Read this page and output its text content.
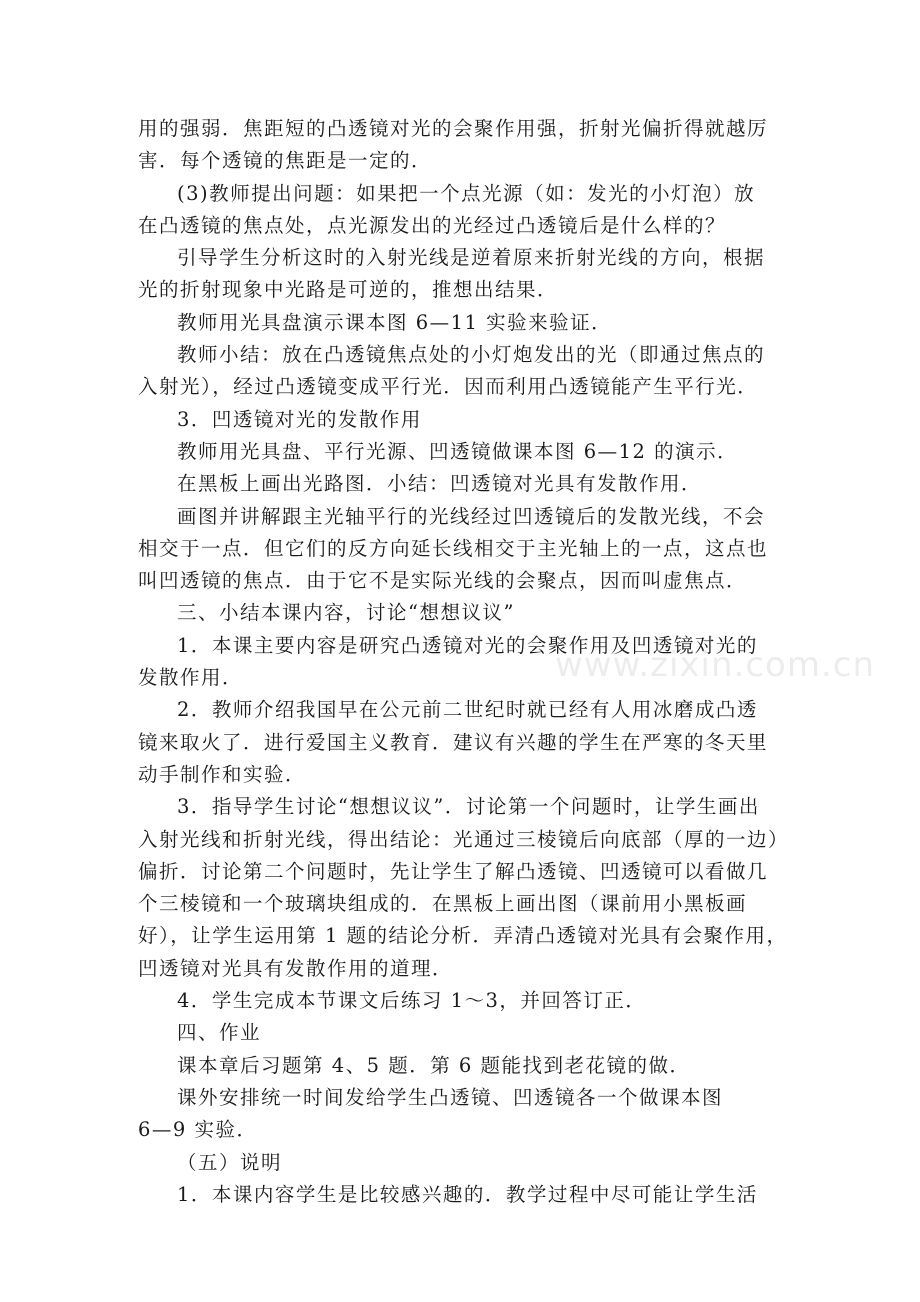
www.zixin.com.cn
用的强弱．焦距短的凸透镜对光的会聚作用强，折射光偏折得就越厉
害．每个透镜的焦距是一定的．
(3)教师提出问题：如果把一个点光源（如：发光的小灯泡）放
在凸透镜的焦点处，点光源发出的光经过凸透镜后是什么样的？
引导学生分析这时的入射光线是逆着原来折射光线的方向，根据
光的折射现象中光路是可逆的，推想出结果．
教师用光具盘演示课本图 6—11 实验来验证．
教师小结：放在凸透镜焦点处的小灯炮发出的光（即通过焦点的
入射光），经过凸透镜变成平行光．因而利用凸透镜能产生平行光．
3．凹透镜对光的发散作用
教师用光具盘、平行光源、凹透镜做课本图 6—12 的演示．
在黑板上画出光路图．小结：凹透镜对光具有发散作用．
画图并讲解跟主光轴平行的光线经过凹透镜后的发散光线，不会
相交于一点．但它们的反方向延长线相交于主光轴上的一点，这点也
叫凹透镜的焦点．由于它不是实际光线的会聚点，因而叫虚焦点．
三、小结本课内容，讨论“想想议议”
1．本课主要内容是研究凸透镜对光的会聚作用及凹透镜对光的
发散作用．
2．教师介绍我国早在公元前二世纪时就已经有人用冰磨成凸透
镜来取火了．进行爱国主义教育．建议有兴趣的学生在严寒的冬天里
动手制作和实验．
3．指导学生讨论“想想议议”．讨论第一个问题时，让学生画出
入射光线和折射光线，得出结论：光通过三棱镜后向底部（厚的一边）
偏折．讨论第二个问题时，先让学生了解凸透镜、凹透镜可以看做几
个三棱镜和一个玻璃块组成的．在黑板上画出图（课前用小黑板画
好），让学生运用第 1 题的结论分析．弄清凸透镜对光具有会聚作用，
凹透镜对光具有发散作用的道理．
4．学生完成本节课文后练习 1～3，并回答订正．
四、作业
课本章后习题第 4、5 题．第 6 题能找到老花镜的做．
课外安排统一时间发给学生凸透镜、凹透镜各一个做课本图
6—9 实验．
（五）说明
1．本课内容学生是比较感兴趣的．教学过程中尽可能让学生活
